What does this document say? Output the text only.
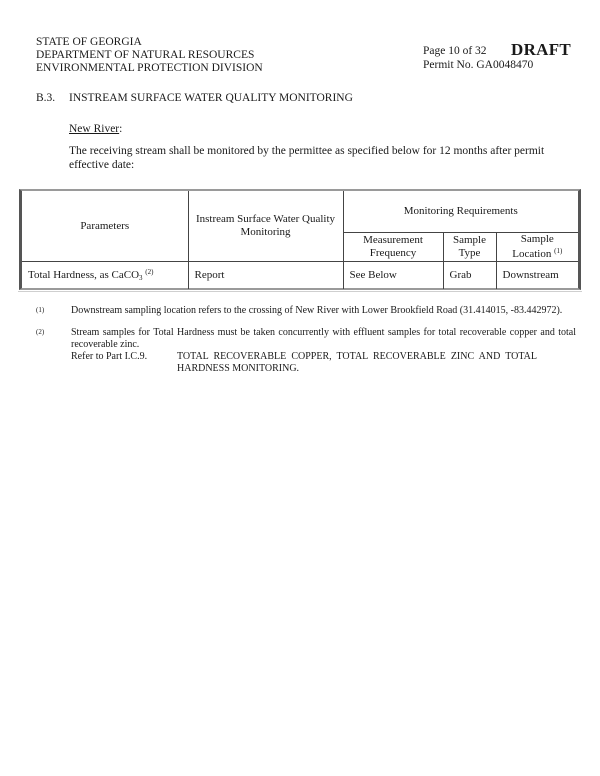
STATE OF GEORGIA
DEPARTMENT OF NATURAL RESOURCES
ENVIRONMENTAL PROTECTION DIVISION
DRAFT
Page 10 of 32
Permit No. GA0048470
B.3. INSTREAM SURFACE WATER QUALITY MONITORING
New River:
The receiving stream shall be monitored by the permittee as specified below for 12 months after permit effective date:
Parameters	Instream Surface Water Quality Monitoring	Monitoring Requirements		
		Measurement Frequency	Sample Type	Sample Location $^{(1)}$
Total Hardness, as CaCO$_3$ $^{(2)}$	Report	See Below	Grab	Downstream
(1)	Downstream sampling location refers to the crossing of New River with Lower Brookfield Road (31.414015, -83.442972).
(2)	Stream samples for Total Hardness must be taken concurrently with effluent samples for total recoverable copper and total recoverable zinc.
Refer to Part I.C.9.	TOTAL RECOVERABLE COPPER, TOTAL RECOVERABLE ZINC AND TOTAL HARDNESS MONITORING.
